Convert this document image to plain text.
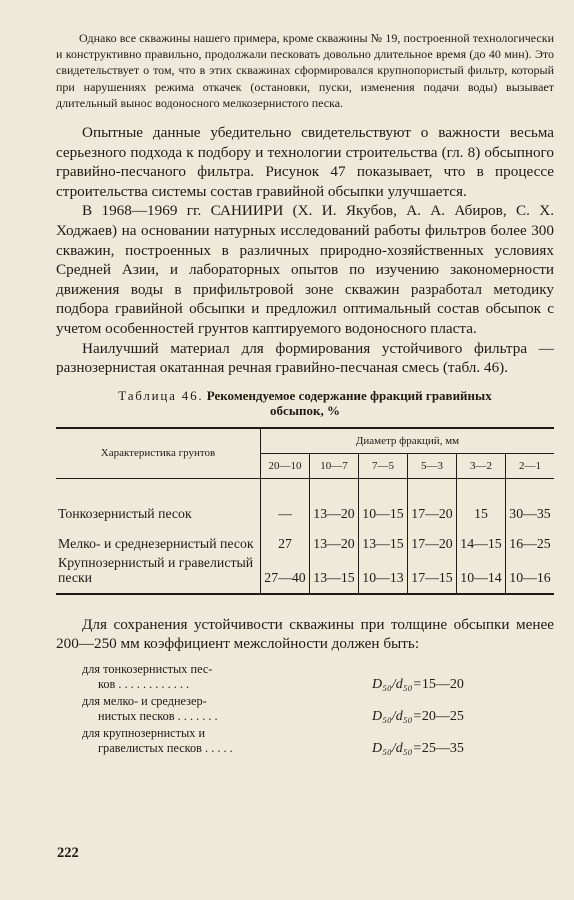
Однако все скважины нашего примера, кроме скважины № 19, построенной технологически и конструктивно правильно, продолжали песковать довольно длительное время (до 40 мин). Это свидетельствует о том, что в этих скважинах сформировался крупнопористый фильтр, который при нарушениях режима откачек (остановки, пуски, изменения подачи воды) вызывает длительный вынос водоносного мелкозернистого песка.

Опытные данные убедительно свидетельствуют о важности весьма серьезного подхода к подбору и технологии строительства (гл. 8) обсыпного гравийно-песчаного фильтра. Рисунок 47 показывает, что в процессе строительства системы состав гравийной обсыпки улучшается.

В 1968—1969 гг. САНИИРИ (Х. И. Якубов, А. А. Абиров, С. Х. Ходжаев) на основании натурных исследований работы фильтров более 300 скважин, построенных в различных природно-хозяйственных условиях Средней Азии, и лабораторных опытов по изучению закономерности движения воды в прифильтровой зоне скважин разработал методику подбора гравийной обсыпки и предложил оптимальный состав обсыпок с учетом особенностей грунтов каптируемого водоносного пласта.

Наилучший материал для формирования устойчивого фильтра — разнозернистая окатанная речная гравийно-песчаная смесь (табл. 46).

Таблица 46. Рекомендуемое содержание фракций гравийных
обсыпок, %
Характеристика грунтов	Диаметр фракций, мм					
	20—10	10—7	7—5	5—3	3—2	2—1

Тонкозернистый песок	—	13—20	10—15	17—20	15	30—35
Мелко- и среднезернистый песок	27	13—20	13—15	17—20	14—15	16—25
Крупнозернистый и гравелистый пески	27—40	13—15	10—13	17—15	10—14	10—16

Для сохранения устойчивости скважины при толщине обсыпки менее 200—250 мм коэффициент межслойности должен быть:

для тонкозернистых пес-
ков . . . . . . . . . . . .	D₅₀/d₅₀=15—20
для мелко- и среднезер-
нистых песков . . . . . . .	D₅₀/d₅₀=20—25
для крупнозернистых и
гравелистых песков . . . . .	D₅₀/d₅₀=25—35
222
